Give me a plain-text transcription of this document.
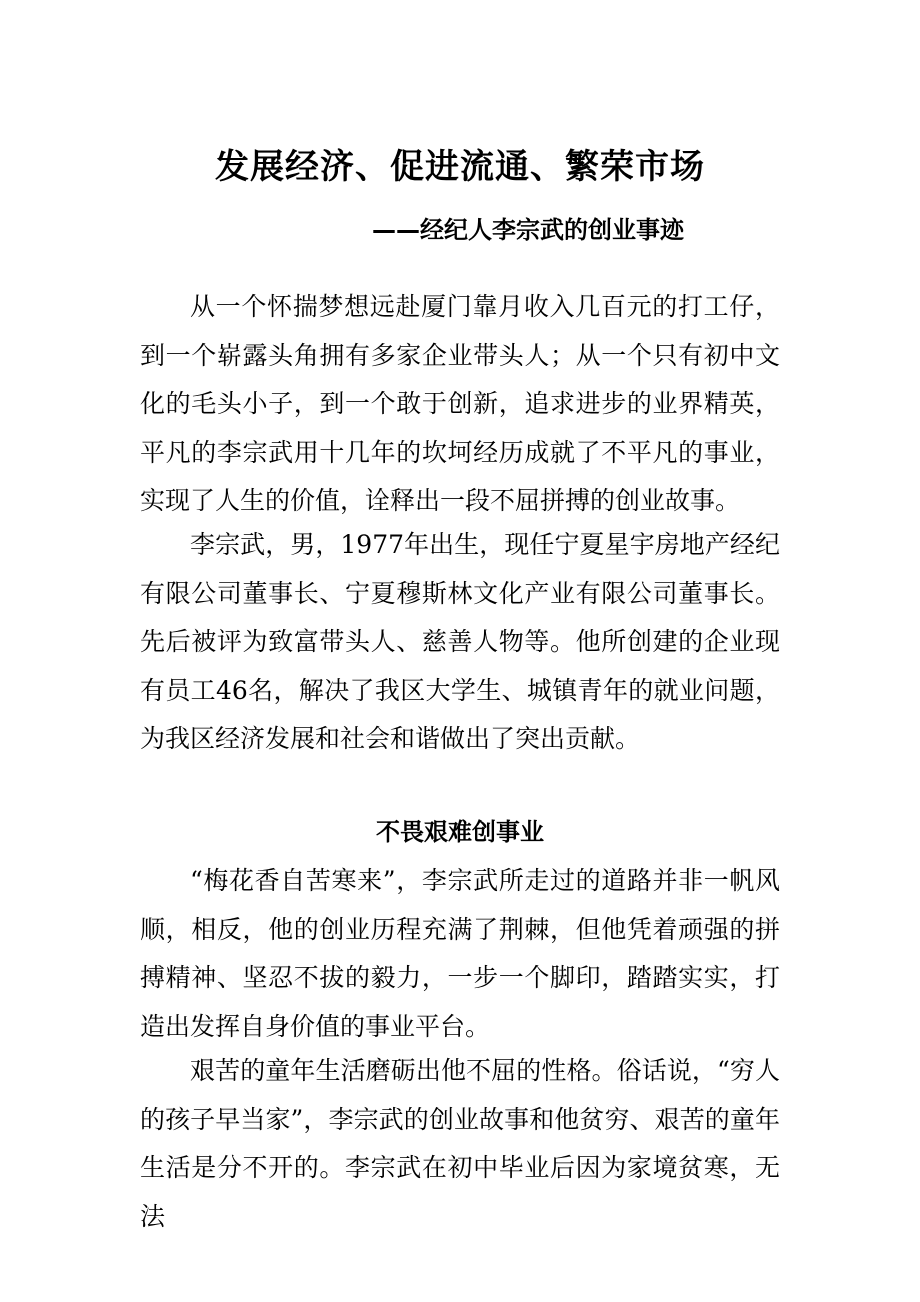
发展经济、促进流通、繁荣市场
——经纪人李宗武的创业事迹

从一个怀揣梦想远赴厦门靠月收入几百元的打工仔，到一个崭露头角拥有多家企业带头人；从一个只有初中文化的毛头小子，到一个敢于创新，追求进步的业界精英，平凡的李宗武用十几年的坎坷经历成就了不平凡的事业，实现了人生的价值，诠释出一段不屈拼搏的创业故事。

李宗武，男，1977年出生，现任宁夏星宇房地产经纪有限公司董事长、宁夏穆斯林文化产业有限公司董事长。先后被评为致富带头人、慈善人物等。他所创建的企业现有员工46名，解决了我区大学生、城镇青年的就业问题，为我区经济发展和社会和谐做出了突出贡献。

不畏艰难创事业

“梅花香自苦寒来”，李宗武所走过的道路并非一帆风顺，相反，他的创业历程充满了荆棘，但他凭着顽强的拼搏精神、坚忍不拔的毅力，一步一个脚印，踏踏实实，打造出发挥自身价值的事业平台。

艰苦的童年生活磨砺出他不屈的性格。俗话说，“穷人的孩子早当家”，李宗武的创业故事和他贫穷、艰苦的童年生活是分不开的。李宗武在初中毕业后因为家境贫寒，无法
